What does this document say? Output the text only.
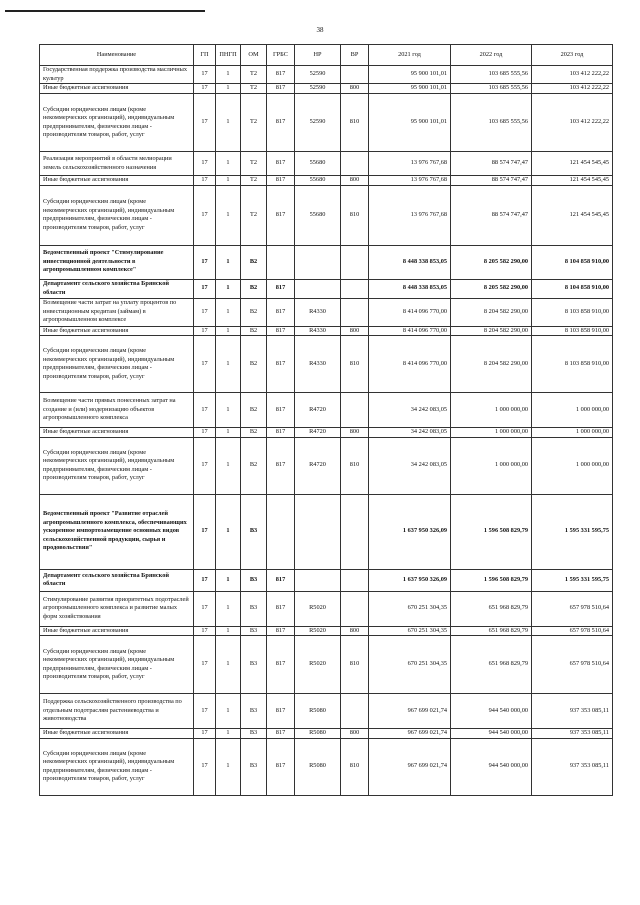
38
Наименование	ГП	ПНГП	ОМ	ГРБС	НР	ВР	2021 год	2022 год	2023 год
Государственная поддержка производства масличных культур	17	1	Т2	817	52590		95 900 101,01	103 685 555,56	103 412 222,22
Иные бюджетные ассигнования	17	1	Т2	817	52590	800	95 900 101,01	103 685 555,56	103 412 222,22
Субсидии юридическим лицам (кроме некоммерческих организаций), индивидуальным предпринимателям, физическим лицам - производителям товаров, работ, услуг	17	1	Т2	817	52590	810	95 900 101,01	103 685 555,56	103 412 222,22
Реализация мероприятий в области мелиорации земель сельскохозяйственного назначения	17	1	Т2	817	55680		13 976 767,68	88 574 747,47	121 454 545,45
Иные бюджетные ассигнования	17	1	Т2	817	55680	800	13 976 767,68	88 574 747,47	121 454 545,45
Субсидии юридическим лицам (кроме некоммерческих организаций), индивидуальным предпринимателям, физическим лицам - производителям товаров, работ, услуг	17	1	Т2	817	55680	810	13 976 767,68	88 574 747,47	121 454 545,45
Ведомственный проект "Стимулирование инвестиционной деятельности в агропромышленном комплексе"	17	1	В2				8 448 338 853,05	8 205 582 290,00	8 104 858 910,00
Департамент сельского хозяйства Брянской области	17	1	В2	817			8 448 338 853,05	8 205 582 290,00	8 104 858 910,00
Возмещение части затрат на уплату процентов по инвестиционным кредитам (займам) в агропромышленном комплексе	17	1	В2	817	R4330		8 414 096 770,00	8 204 582 290,00	8 103 858 910,00
Иные бюджетные ассигнования	17	1	В2	817	R4330	800	8 414 096 770,00	8 204 582 290,00	8 103 858 910,00
Субсидии юридическим лицам (кроме некоммерческих организаций), индивидуальным предпринимателям, физическим лицам - производителям товаров, работ, услуг	17	1	В2	817	R4330	810	8 414 096 770,00	8 204 582 290,00	8 103 858 910,00
Возмещение части прямых понесенных затрат на создание и (или) модернизацию объектов агропромышленного комплекса	17	1	В2	817	R4720		34 242 083,05	1 000 000,00	1 000 000,00
Иные бюджетные ассигнования	17	1	В2	817	R4720	800	34 242 083,05	1 000 000,00	1 000 000,00
Субсидии юридическим лицам (кроме некоммерческих организаций), индивидуальным предпринимателям, физическим лицам - производителям товаров, работ, услуг	17	1	В2	817	R4720	810	34 242 083,05	1 000 000,00	1 000 000,00
Ведомственный проект "Развитие отраслей агропромышленного комплекса, обеспечивающих ускоренное импортозамещение основных видов сельскохозяйственной продукции, сырья и продовольствия"	17	1	В3				1 637 950 326,09	1 596 508 829,79	1 595 331 595,75
Департамент сельского хозяйства Брянской области	17	1	В3	817			1 637 950 326,09	1 596 508 829,79	1 595 331 595,75
Стимулирование развития приоритетных подотраслей агропромышленного комплекса и развитие малых форм хозяйствования	17	1	В3	817	R5020		670 251 304,35	651 968 829,79	657 978 510,64
Иные бюджетные ассигнования	17	1	В3	817	R5020	800	670 251 304,35	651 968 829,79	657 978 510,64
Субсидии юридическим лицам (кроме некоммерческих организаций), индивидуальным предпринимателям, физическим лицам - производителям товаров, работ, услуг	17	1	В3	817	R5020	810	670 251 304,35	651 968 829,79	657 978 510,64
Поддержка сельскохозяйственного производства по отдельным подотраслям растениеводства и животноводства	17	1	В3	817	R5080		967 699 021,74	944 540 000,00	937 353 085,11
Иные бюджетные ассигнования	17	1	В3	817	R5080	800	967 699 021,74	944 540 000,00	937 353 085,11
Субсидии юридическим лицам (кроме некоммерческих организаций), индивидуальным предпринимателям, физическим лицам - производителям товаров, работ, услуг	17	1	В3	817	R5080	810	967 699 021,74	944 540 000,00	937 353 085,11
